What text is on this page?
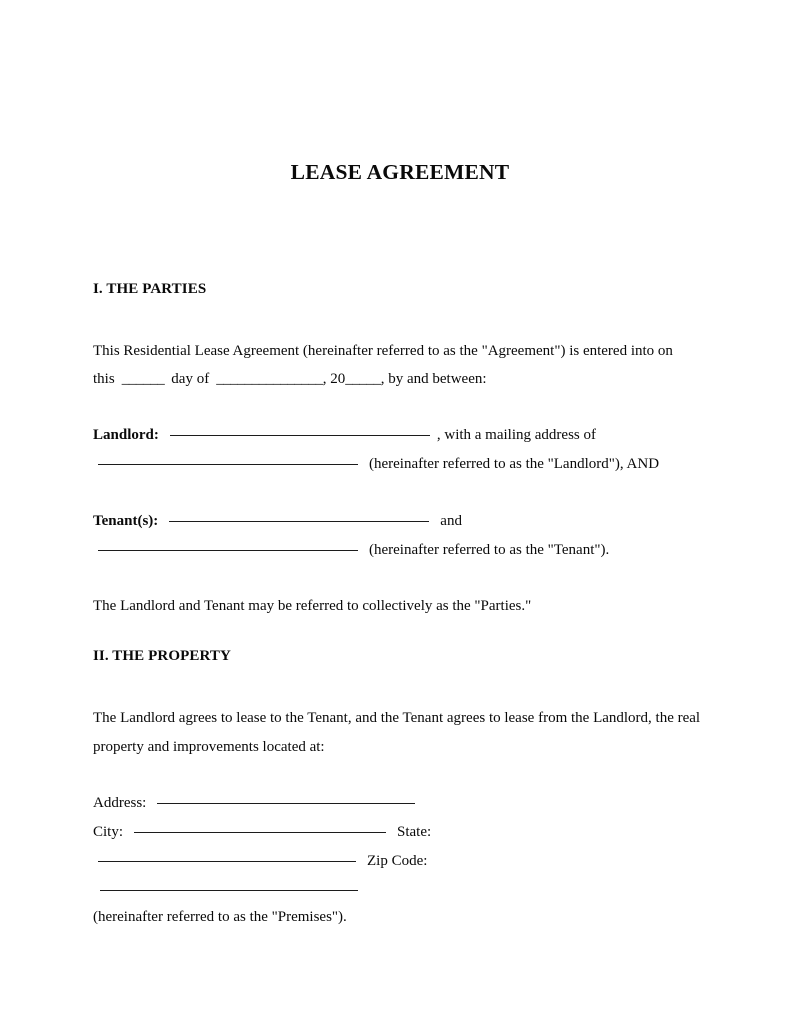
LEASE AGREEMENT
I. THE PARTIES
This Residential Lease Agreement (hereinafter referred to as the "Agreement") is entered into on
this ______ day of _______________, 20_____, by and between:
Landlord:	, with a mailing address of
(hereinafter referred to as the "Landlord"), AND
Tenant(s):	and
(hereinafter referred to as the "Tenant").
The Landlord and Tenant may be referred to collectively as the "Parties."
II. THE PROPERTY
The Landlord agrees to lease to the Tenant, and the Tenant agrees to lease from the Landlord, the real property and improvements located at:
Address:
City:	State:
Zip Code:
(hereinafter referred to as the "Premises").
